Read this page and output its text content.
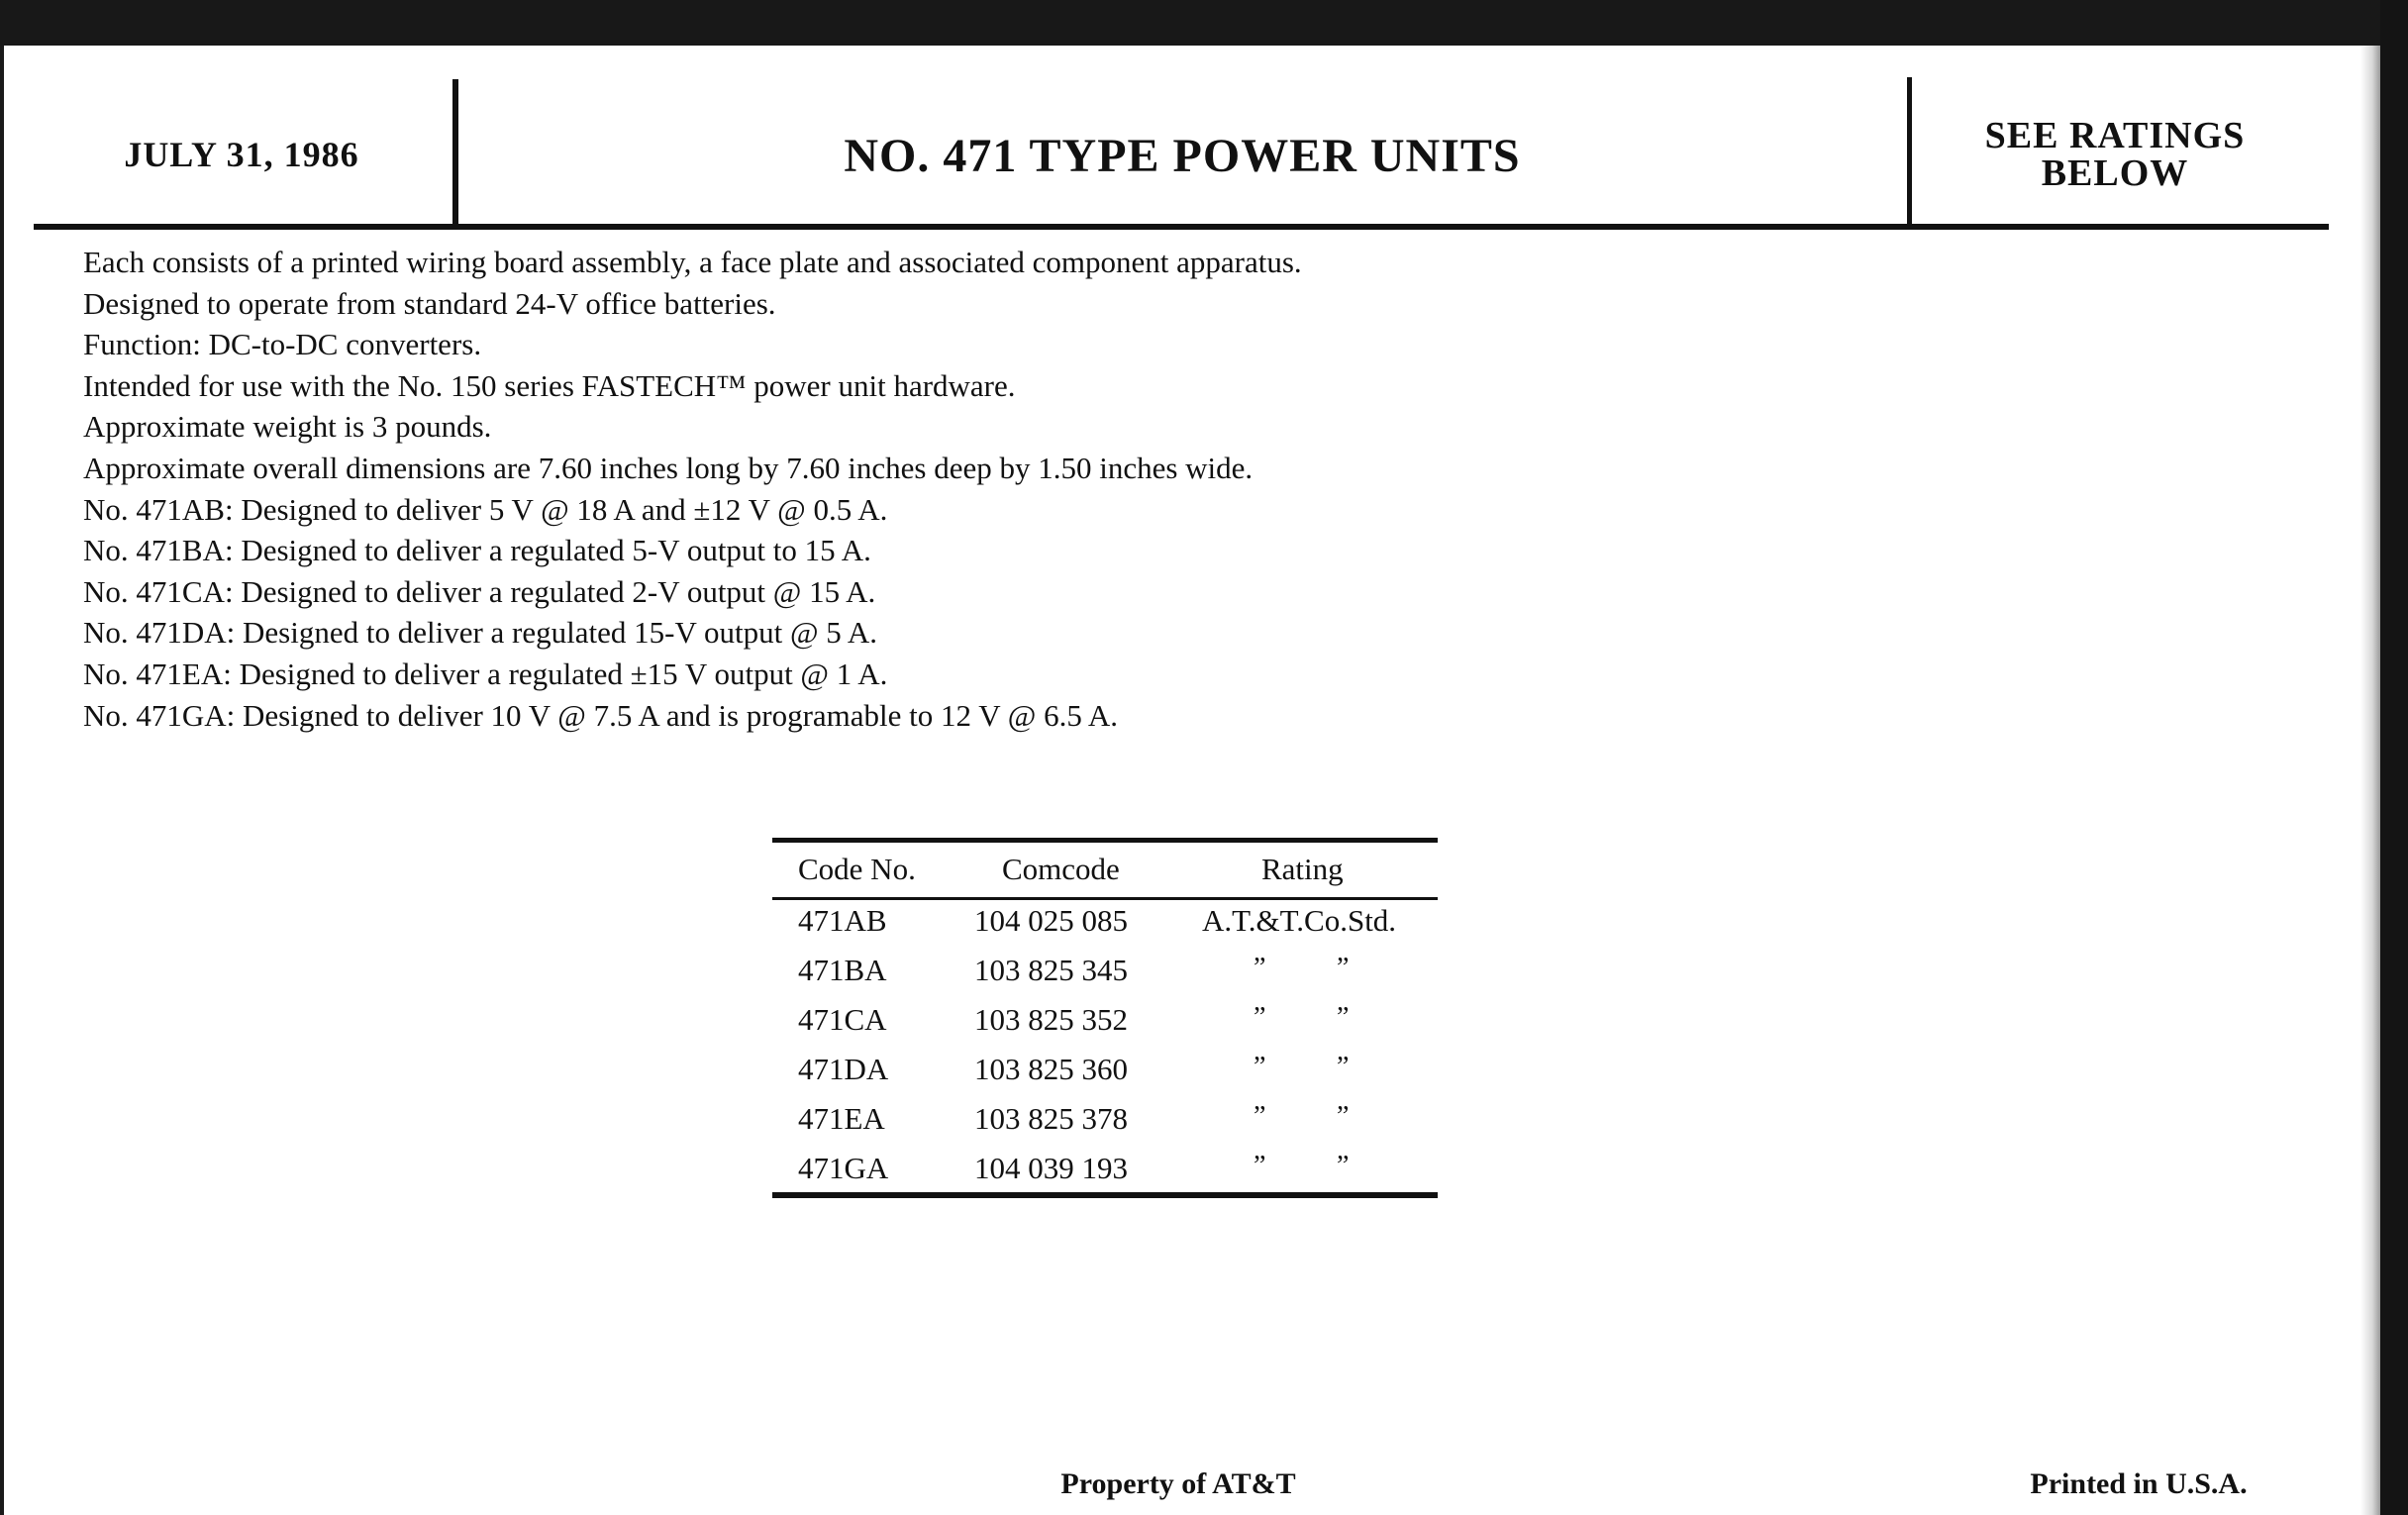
JULY 31, 1986	NO. 471 TYPE POWER UNITS	SEE RATINGS
BELOW
Each consists of a printed wiring board assembly, a face plate and associated component apparatus.
Designed to operate from standard 24-V office batteries.
Function: DC-to-DC converters.
Intended for use with the No. 150 series FASTECH™ power unit hardware.
Approximate weight is 3 pounds.
Approximate overall dimensions are 7.60 inches long by 7.60 inches deep by 1.50 inches wide.
No. 471AB: Designed to deliver 5 V @ 18 A and ±12 V @ 0.5 A.
No. 471BA: Designed to deliver a regulated 5-V output to 15 A.
No. 471CA: Designed to deliver a regulated 2-V output @ 15 A.
No. 471DA: Designed to deliver a regulated 15-V output @ 5 A.
No. 471EA: Designed to deliver a regulated ±15 V output @ 1 A.
No. 471GA: Designed to deliver 10 V @ 7.5 A and is programable to 12 V @ 6.5 A.
Code No.	Comcode	Rating
471AB	104 025 085 A.T.&T.Co.Std.
471BA	103 825 345	”	”
471CA	103 825 352	”	”
471DA	103 825 360	”	”
471EA	103 825 378	”	”
471GA	104 039 193	”	”
Property of AT&T	Printed in U.S.A.
